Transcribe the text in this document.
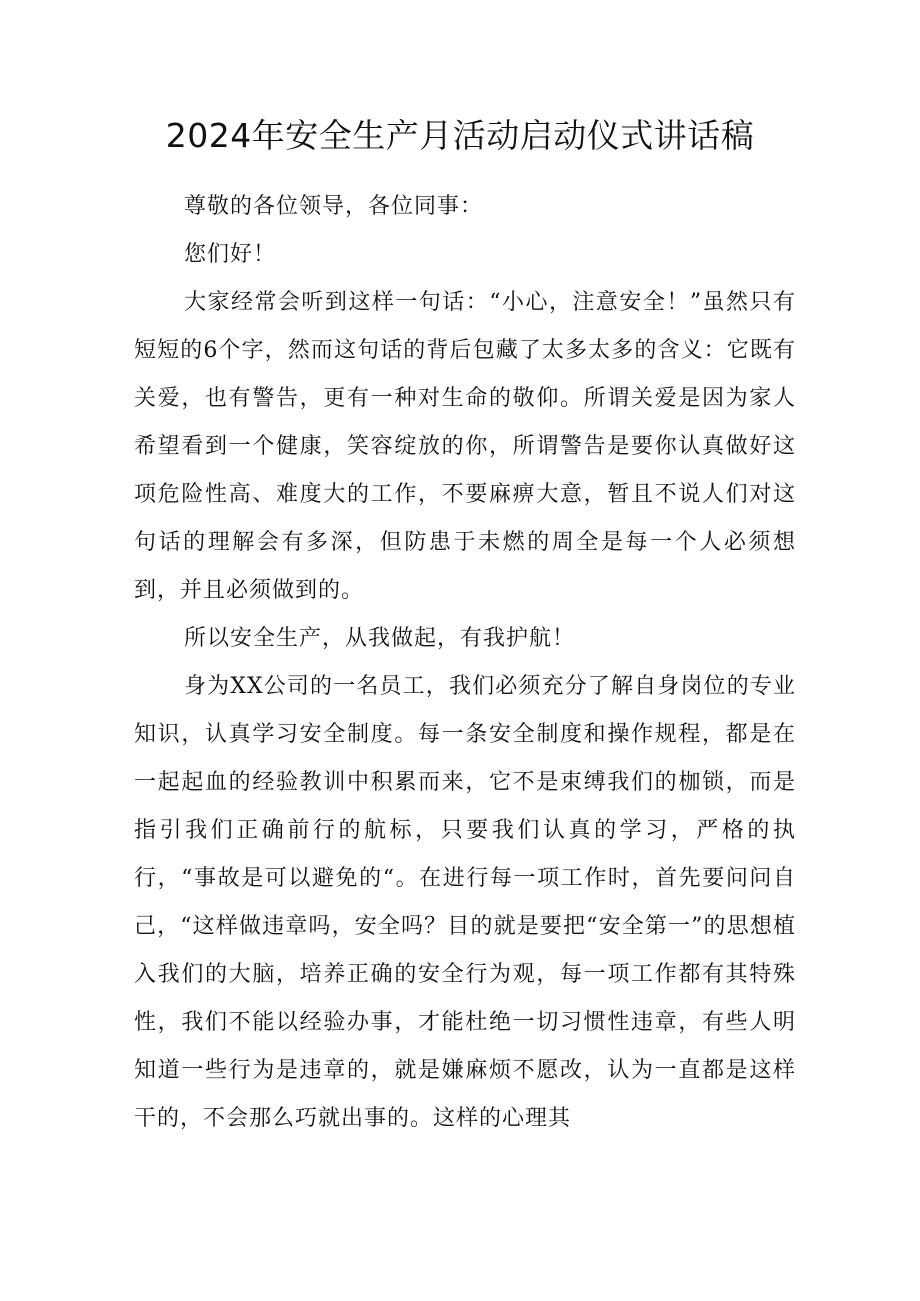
2024年安全生产月活动启动仪式讲话稿

尊敬的各位领导，各位同事：

您们好！

大家经常会听到这样一句话：“小心，注意安全！”虽然只有短短的6个字，然而这句话的背后包藏了太多太多的含义：它既有关爱，也有警告，更有一种对生命的敬仰。所谓关爱是因为家人希望看到一个健康，笑容绽放的你，所谓警告是要你认真做好这项危险性高、难度大的工作，不要麻痹大意，暂且不说人们对这句话的理解会有多深，但防患于未燃的周全是每一个人必须想到，并且必须做到的。

所以安全生产，从我做起，有我护航！

身为XX公司的一名员工，我们必须充分了解自身岗位的专业知识，认真学习安全制度。每一条安全制度和操作规程，都是在一起起血的经验教训中积累而来，它不是束缚我们的枷锁，而是指引我们正确前行的航标，只要我们认真的学习，严格的执行，“事故是可以避免的“。在进行每一项工作时，首先要问问自己，“这样做违章吗，安全吗？目的就是要把“安全第一”的思想植入我们的大脑，培养正确的安全行为观，每一项工作都有其特殊性，我们不能以经验办事，才能杜绝一切习惯性违章，有些人明知道一些行为是违章的，就是嫌麻烦不愿改，认为一直都是这样干的，不会那么巧就出事的。这样的心理其
